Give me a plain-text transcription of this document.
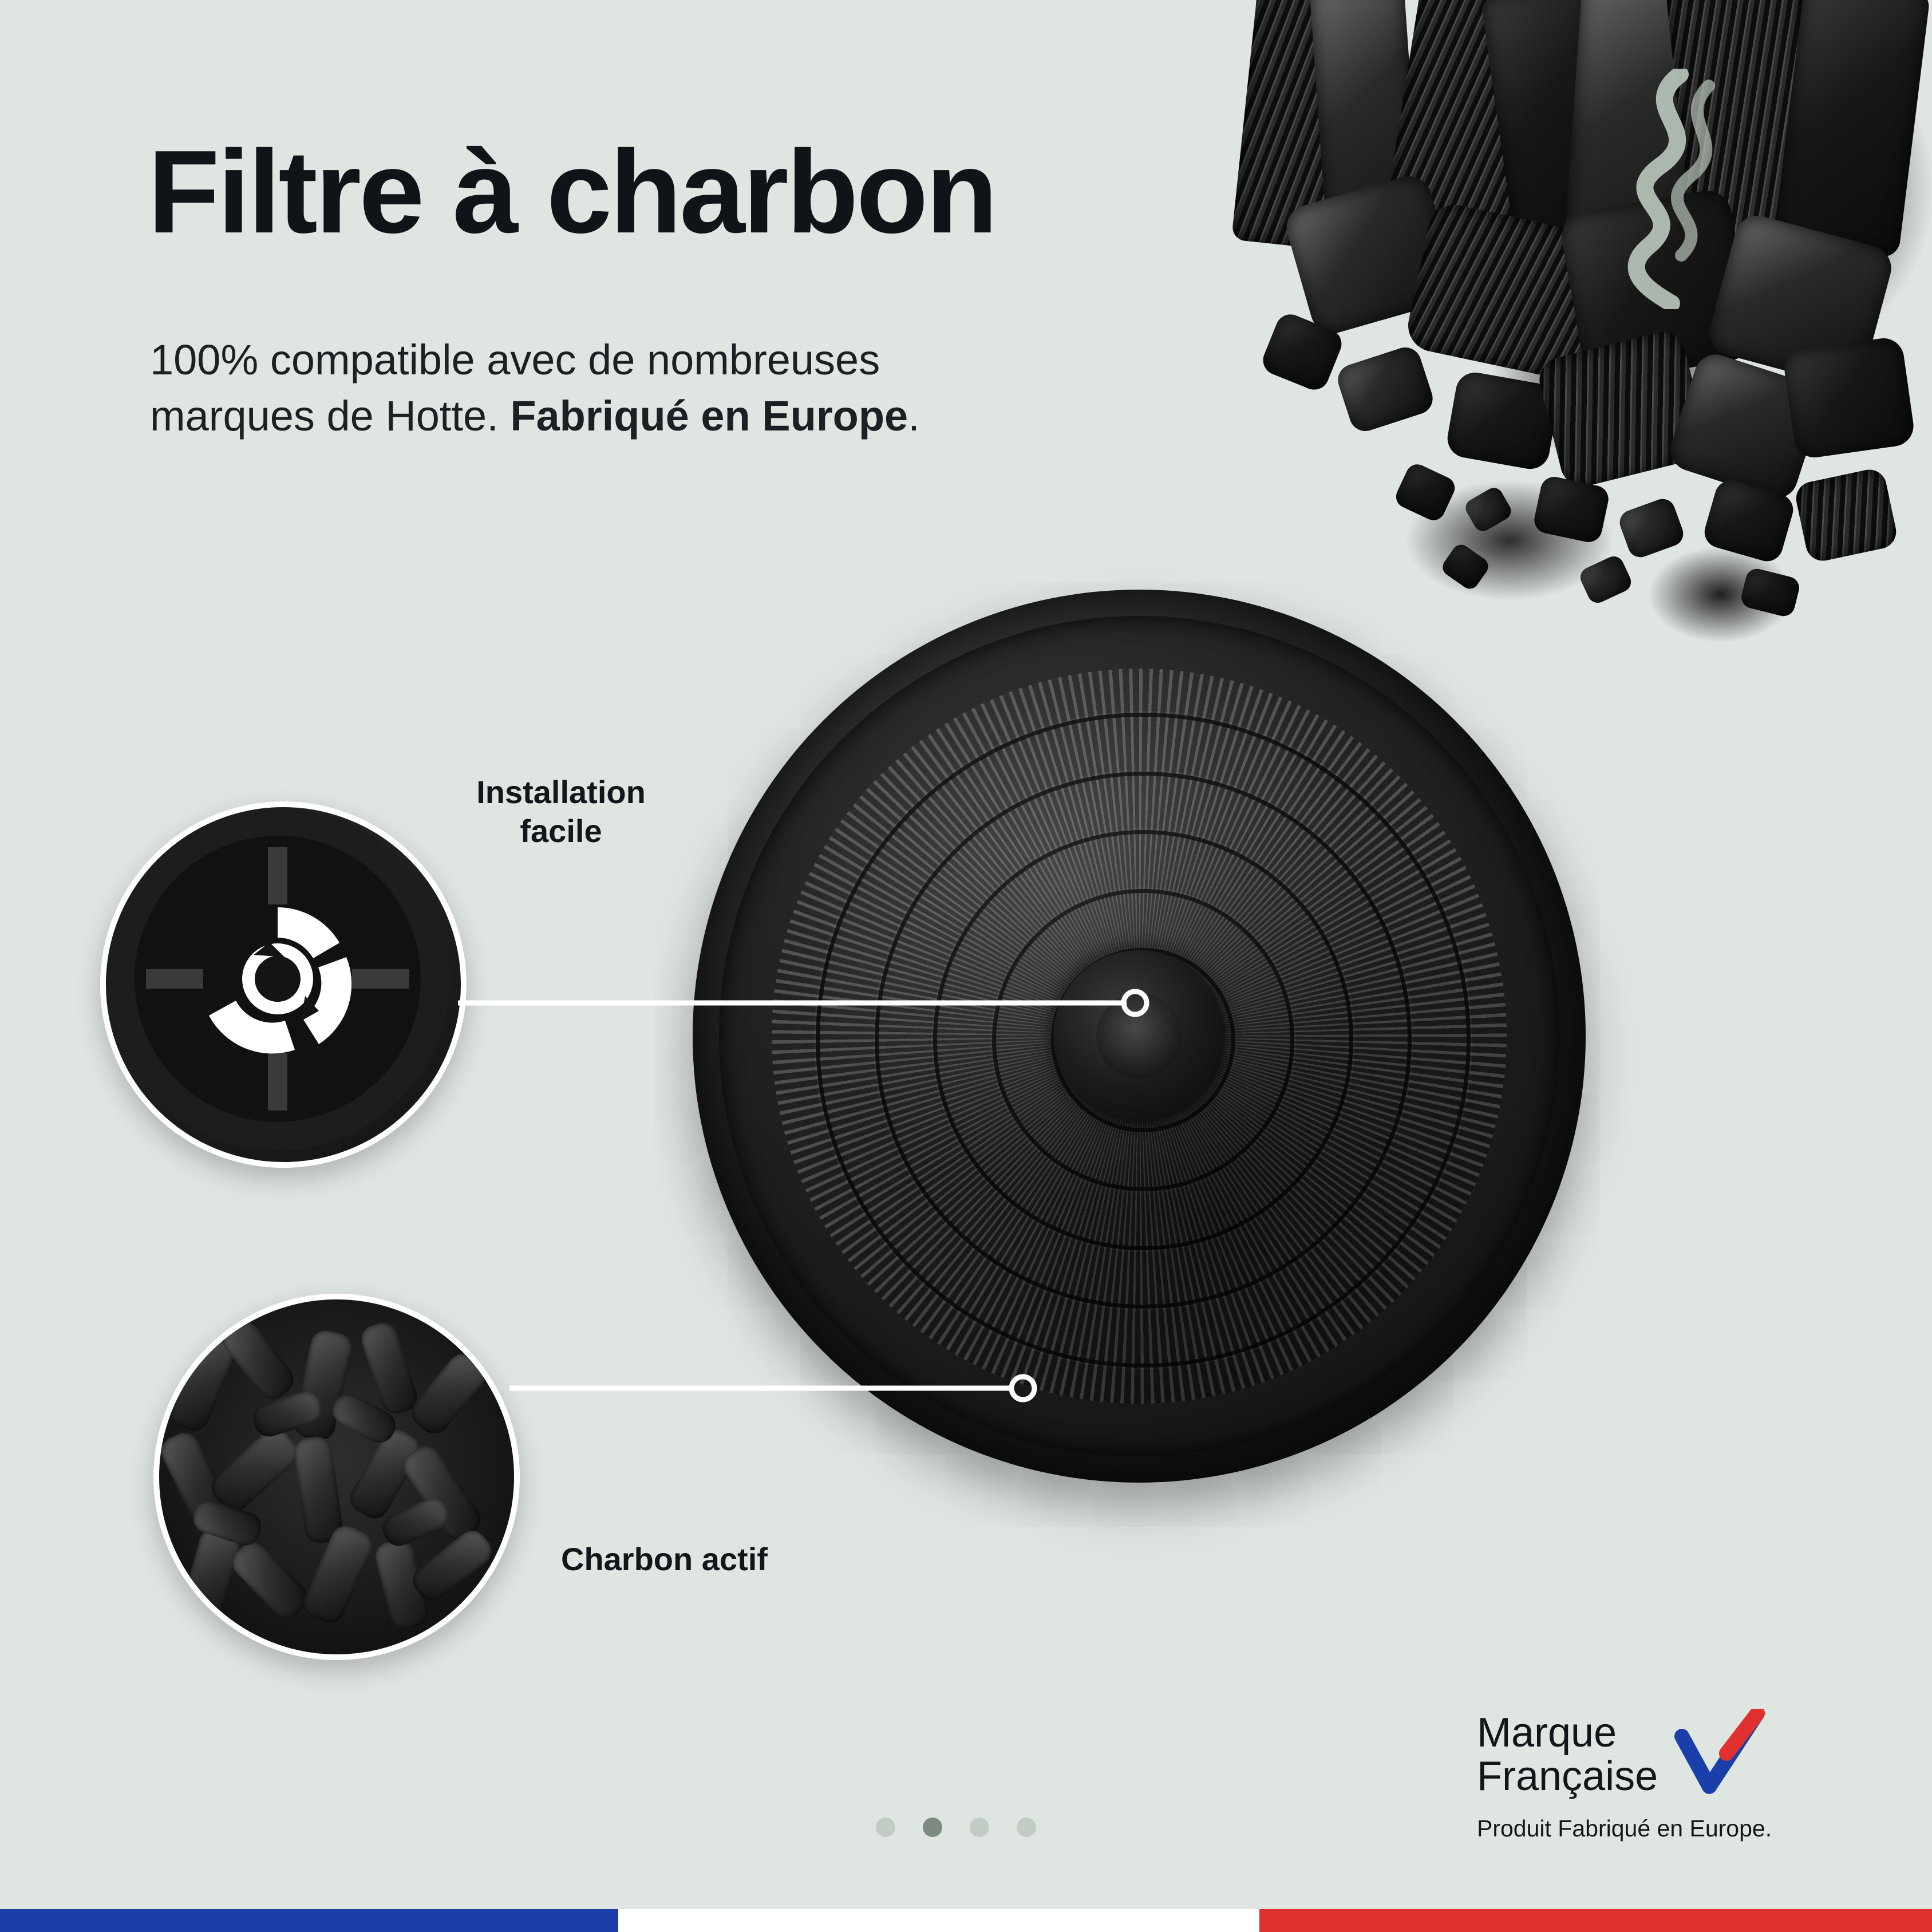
Filtre à charbon
100% compatible avec de nombreuses
marques de Hotte. Fabriqué en Europe.
Installation
facile
Charbon actif
Marque
Française
Produit Fabriqué en Europe.
